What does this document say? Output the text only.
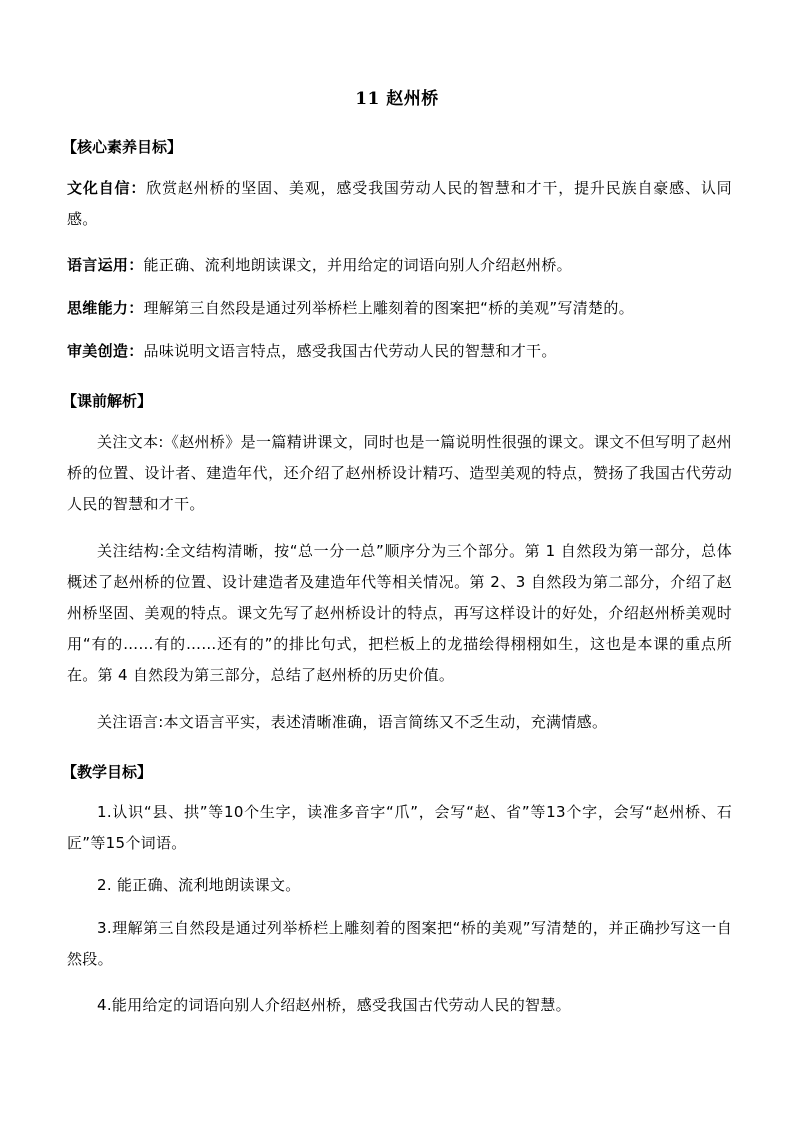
11 赵州桥
【核心素养目标】
文化自信：欣赏赵州桥的坚固、美观，感受我国劳动人民的智慧和才干，提升民族自豪感、认同感。
语言运用：能正确、流利地朗读课文，并用给定的词语向别人介绍赵州桥。
思维能力：理解第三自然段是通过列举桥栏上雕刻着的图案把“桥的美观”写清楚的。
审美创造：品味说明文语言特点，感受我国古代劳动人民的智慧和才干。
【课前解析】
关注文本:《赵州桥》是一篇精讲课文，同时也是一篇说明性很强的课文。课文不但写明了赵州桥的位置、设计者、建造年代，还介绍了赵州桥设计精巧、造型美观的特点，赞扬了我国古代劳动人民的智慧和才干。
关注结构:全文结构清晰，按“总一分一总”顺序分为三个部分。第 1 自然段为第一部分，总体概述了赵州桥的位置、设计建造者及建造年代等相关情况。第 2、3 自然段为第二部分，介绍了赵州桥坚固、美观的特点。课文先写了赵州桥设计的特点，再写这样设计的好处，介绍赵州桥美观时用“有的……有的……还有的”的排比句式，把栏板上的龙描绘得栩栩如生，这也是本课的重点所在。第 4 自然段为第三部分，总结了赵州桥的历史价值。
关注语言:本文语言平实，表述清晰准确，语言简练又不乏生动，充满情感。
【教学目标】
1.认识“县、拱”等10个生字，读准多音字“爪”，会写“赵、省”等13个字，会写“赵州桥、石匠”等15个词语。
2. 能正确、流利地朗读课文。
3.理解第三自然段是通过列举桥栏上雕刻着的图案把“桥的美观”写清楚的，并正确抄写这一自然段。
4.能用给定的词语向别人介绍赵州桥，感受我国古代劳动人民的智慧。
